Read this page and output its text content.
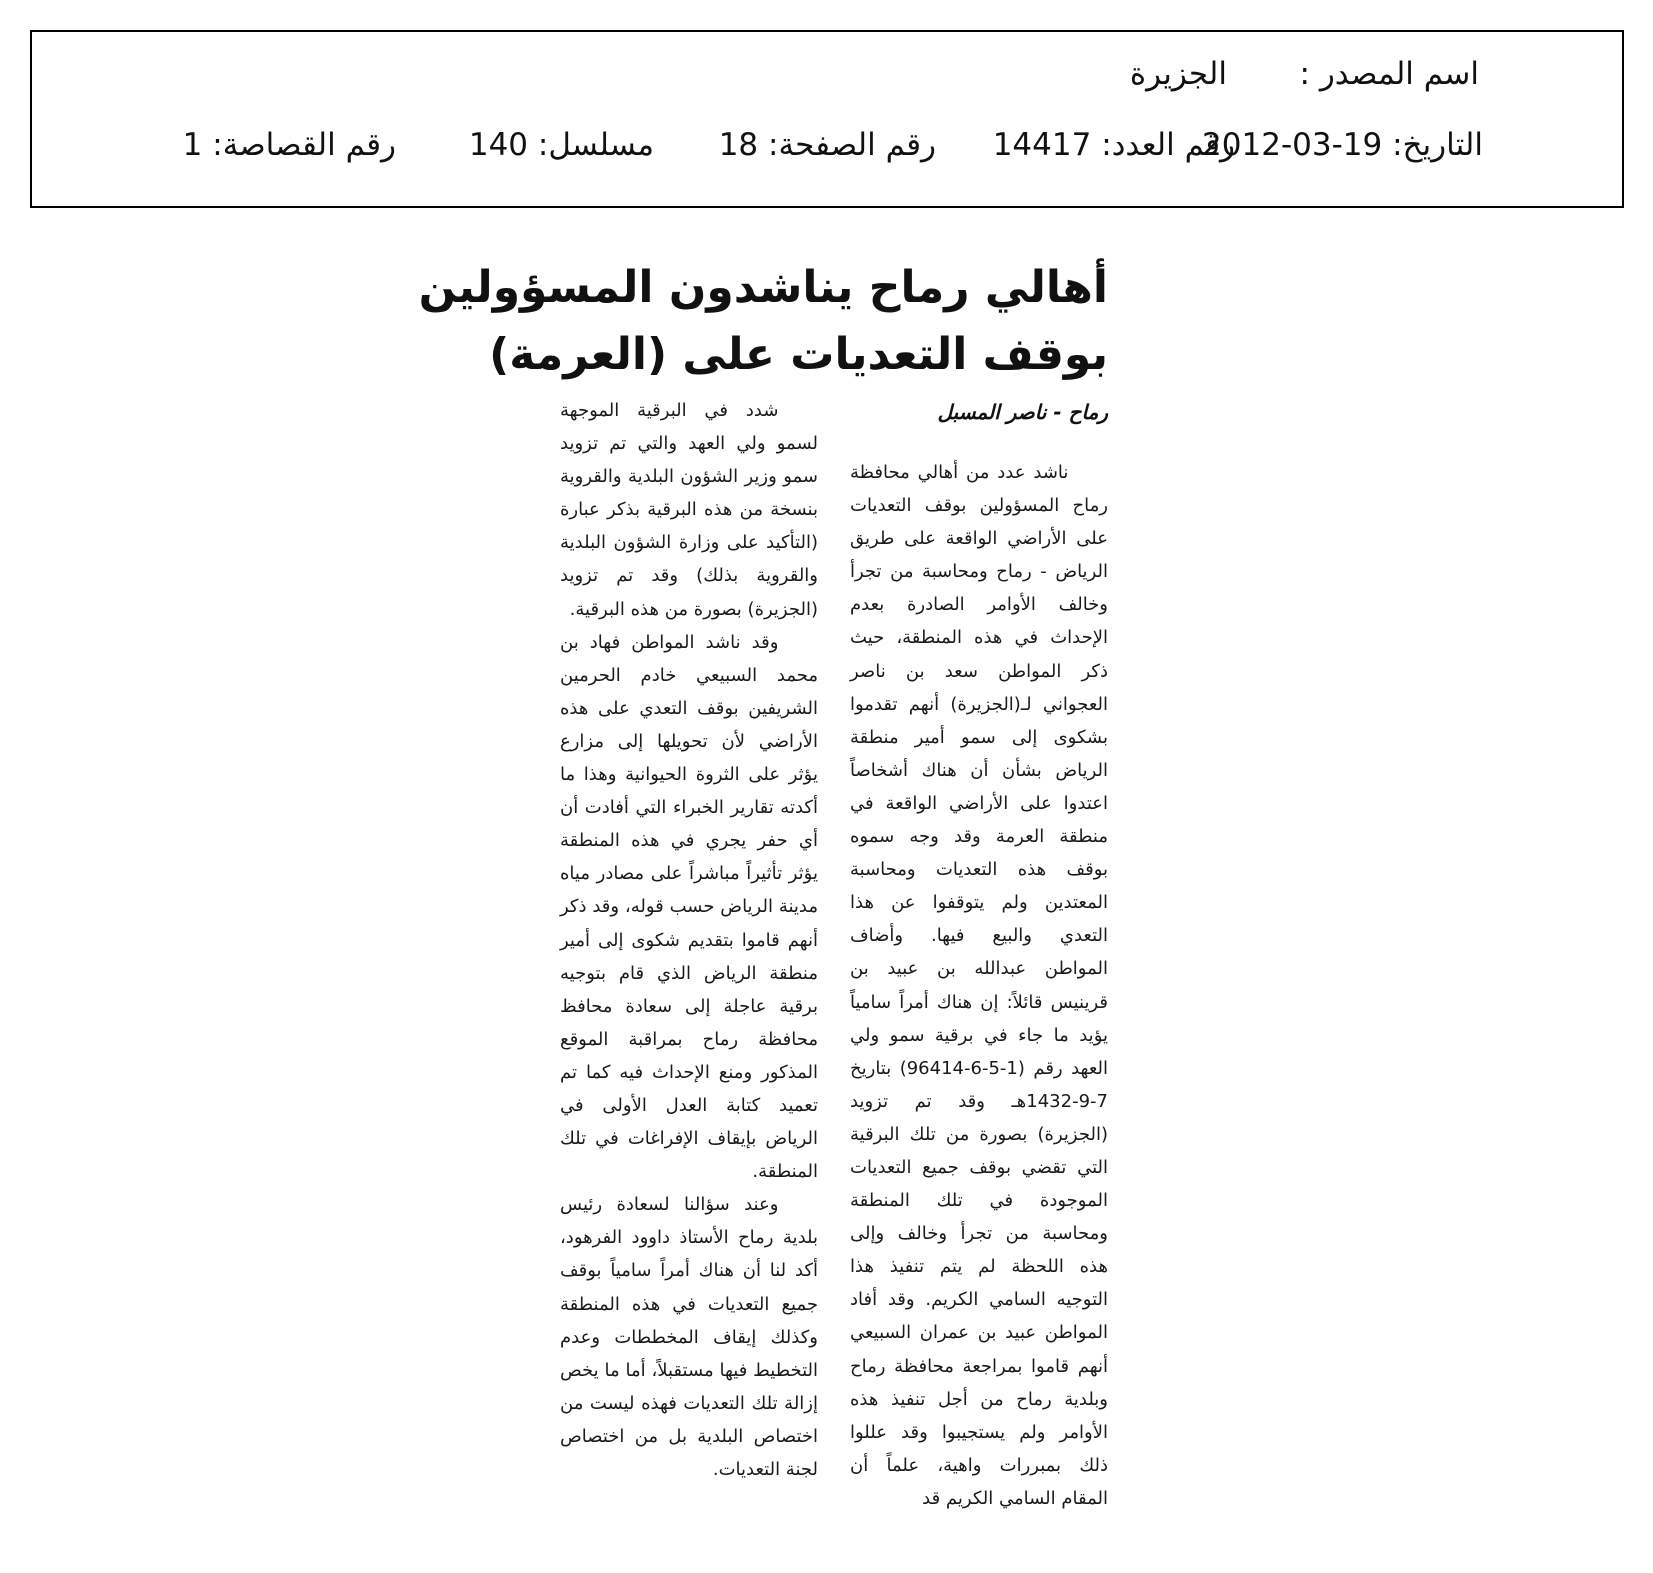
اسم المصدر :
الجزيرة
التاريخ: 2012-03-19
رقم العدد: 14417
رقم الصفحة: 18
مسلسل: 140
رقم القصاصة: 1
أهالي رماح يناشدون المسؤولين
بوقف التعديات على (العرمة)
رماح - ناصر المسبل

ناشد عدد من أهالي محافظة رماح المسؤولين بوقف التعديات على الأراضي الواقعة على طريق الرياض - رماح ومحاسبة من تجرأ وخالف الأوامر الصادرة بعدم الإحداث في هذه المنطقة، حيث ذكر المواطن سعد بن ناصر العجواني لـ(الجزيرة) أنهم تقدموا بشكوى إلى سمو أمير منطقة الرياض بشأن أن هناك أشخاصاً اعتدوا على الأراضي الواقعة في منطقة العرمة وقد وجه سموه بوقف هذه التعديات ومحاسبة المعتدين ولم يتوقفوا عن هذا التعدي والبيع فيها. وأضاف المواطن عبدالله بن عبيد بن قرينيس قائلاً: إن هناك أمراً سامياً يؤيد ما جاء في برقية سمو ولي العهد رقم (1-5-6-96414) بتاريخ 7-9-1432هـ وقد تم تزويد (الجزيرة) بصورة من تلك البرقية التي تقضي بوقف جميع التعديات الموجودة في تلك المنطقة ومحاسبة من تجرأ وخالف وإلى هذه اللحظة لم يتم تنفيذ هذا التوجيه السامي الكريم. وقد أفاد المواطن عبيد بن عمران السبيعي أنهم قاموا بمراجعة محافظة رماح وبلدية رماح من أجل تنفيذ هذه الأوامر ولم يستجيبوا وقد عللوا ذلك بمبررات واهية، علماً أن المقام السامي الكريم قد

شدد في البرقية الموجهة لسمو ولي العهد والتي تم تزويد سمو وزير الشؤون البلدية والقروية بنسخة من هذه البرقية بذكر عبارة (التأكيد على وزارة الشؤون البلدية والقروية بذلك) وقد تم تزويد (الجزيرة) بصورة من هذه البرقية.

وقد ناشد المواطن فهاد بن محمد السبيعي خادم الحرمين الشريفين بوقف التعدي على هذه الأراضي لأن تحويلها إلى مزارع يؤثر على الثروة الحيوانية وهذا ما أكدته تقارير الخبراء التي أفادت أن أي حفر يجري في هذه المنطقة يؤثر تأثيراً مباشراً على مصادر مياه مدينة الرياض حسب قوله، وقد ذكر أنهم قاموا بتقديم شكوى إلى أمير منطقة الرياض الذي قام بتوجيه برقية عاجلة إلى سعادة محافظ محافظة رماح بمراقبة الموقع المذكور ومنع الإحداث فيه كما تم تعميد كتابة العدل الأولى في الرياض بإيقاف الإفراغات في تلك المنطقة.

وعند سؤالنا لسعادة رئيس بلدية رماح الأستاذ داوود الفرهود، أكد لنا أن هناك أمراً سامياً بوقف جميع التعديات في هذه المنطقة وكذلك إيقاف المخططات وعدم التخطيط فيها مستقبلاً، أما ما يخص إزالة تلك التعديات فهذه ليست من اختصاص البلدية بل من اختصاص لجنة التعديات.
